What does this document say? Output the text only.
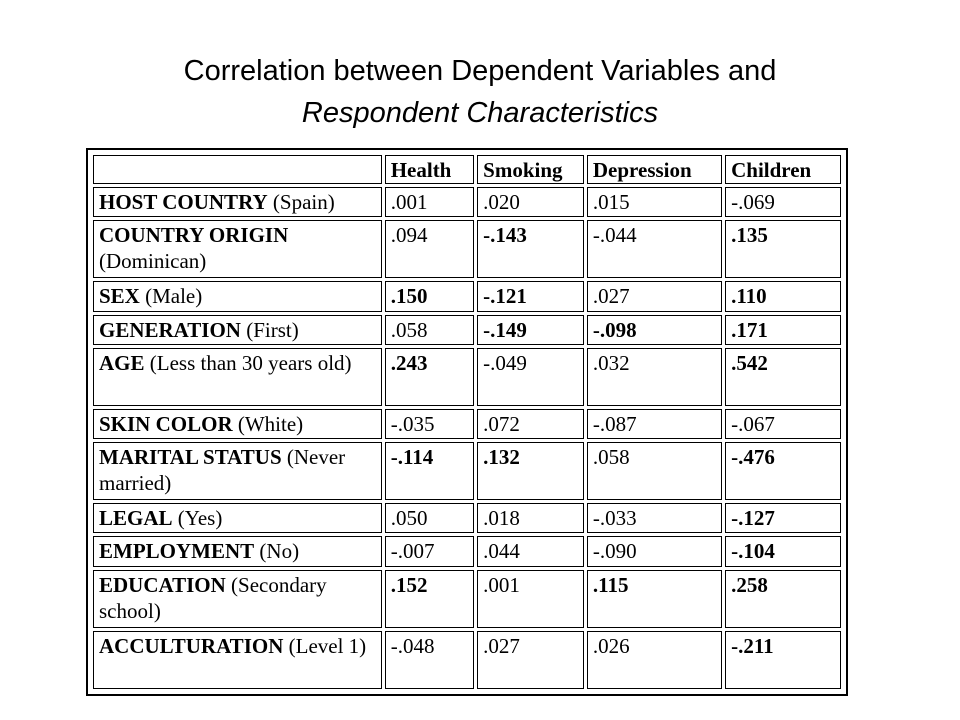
Correlation between Dependent Variables and
Respondent Characteristics
	Health	Smoking	Depression	Children
HOST COUNTRY (Spain)	.001	.020	.015	-.069
COUNTRY ORIGIN (Dominican)	.094	-.143	-.044	.135
SEX (Male)	.150	-.121	.027	.110
GENERATION (First)	.058	-.149	-.098	.171
AGE (Less than 30 years old)	.243	-.049	.032	.542
SKIN COLOR (White)	-.035	.072	-.087	-.067
MARITAL STATUS (Never married)	-.114	.132	.058	-.476
LEGAL (Yes)	.050	.018	-.033	-.127
EMPLOYMENT (No)	-.007	.044	-.090	-.104
EDUCATION (Secondary school)	.152	.001	.115	.258
ACCULTURATION (Level 1)	-.048	.027	.026	-.211
